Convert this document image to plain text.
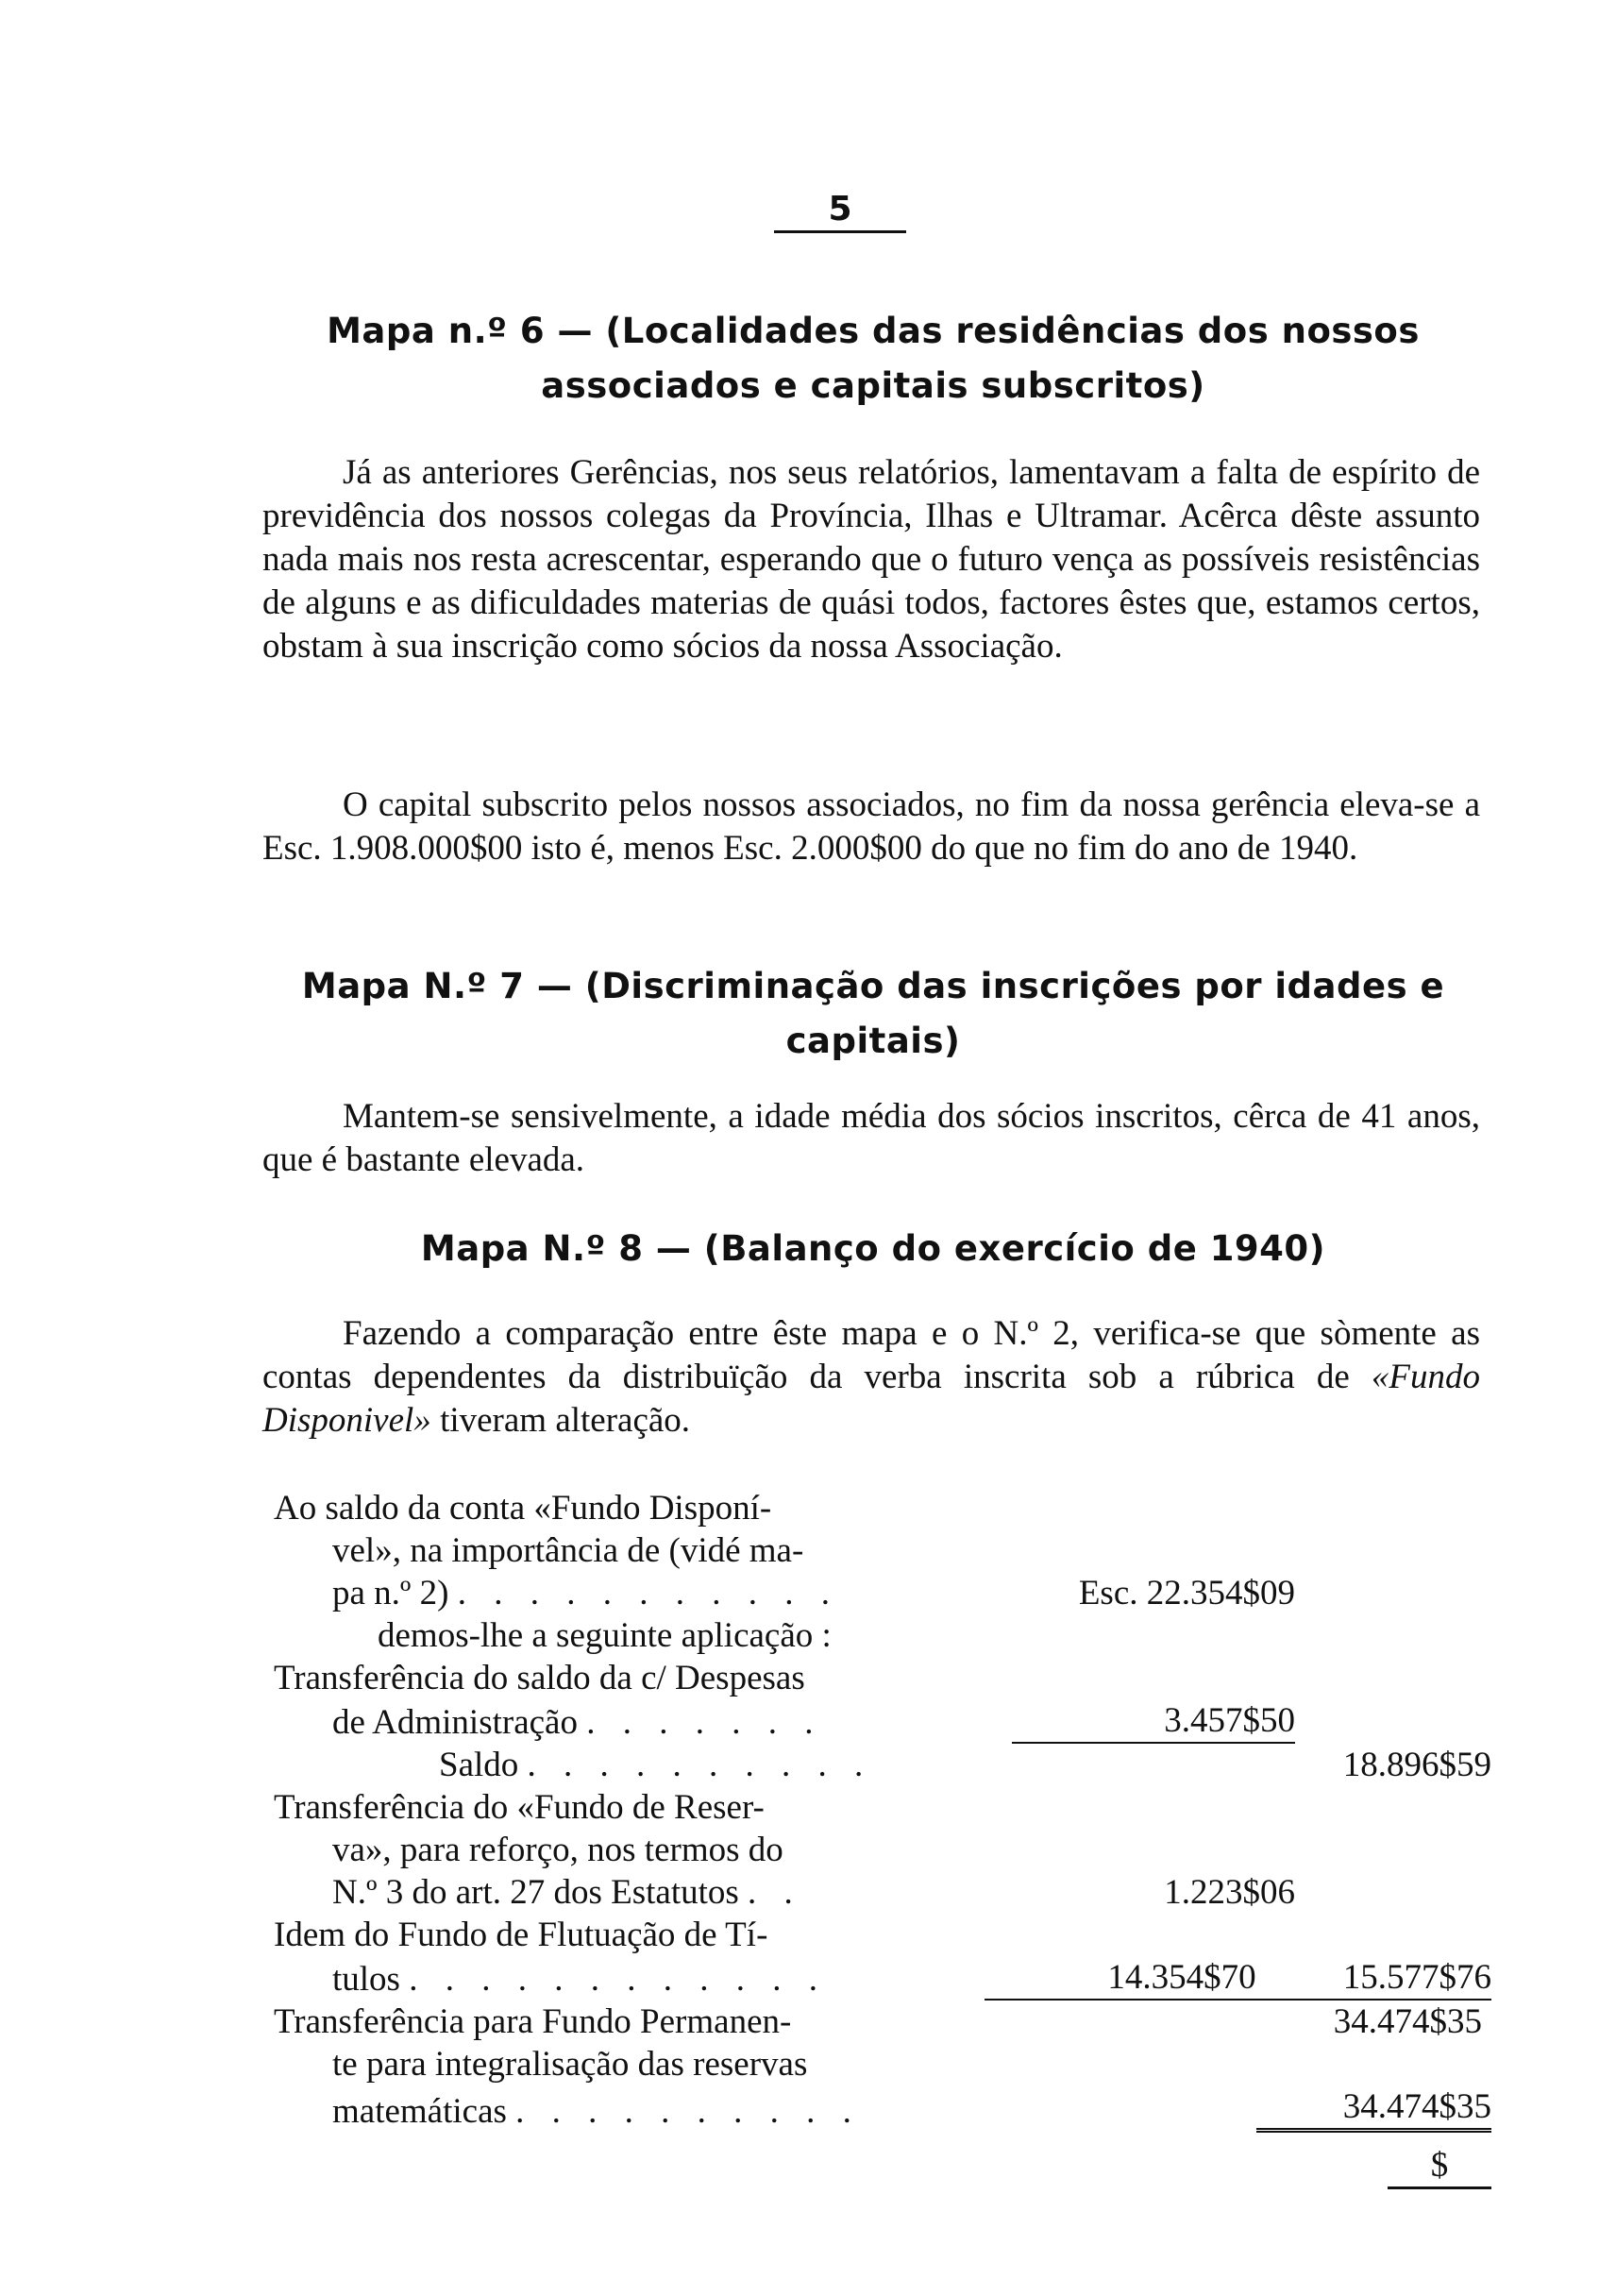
5
Mapa n.º 6 — (Localidades das residências dos nossos
associados e capitais subscritos)

Já as anteriores Gerências, nos seus relatórios, lamentavam a falta de espírito de previdência dos nossos colegas da Província, Ilhas e Ultramar. Acêrca dêste assunto nada mais nos resta acrescentar, esperando que o futuro vença as possíveis resistências de alguns e as dificuldades materias de quási todos, factores êstes que, estamos certos, obstam à sua inscrição como sócios da nossa Associação.

O capital subscrito pelos nossos associados, no fim da nossa gerência eleva-se a Esc. 1.908.000$00 isto é, menos Esc. 2.000$00 do que no fim do ano de 1940.

Mapa N.º 7 — (Discriminação das inscrições por idades e
capitais)

Mantem-se sensivelmente, a idade média dos sócios inscritos, cêrca de 41 anos, que é bastante elevada.

Mapa N.º 8 — (Balanço do exercício de 1940)

Fazendo a comparação entre êste mapa e o N.º 2, verifica-se que sòmente as contas dependentes da distribuïção da verba inscrita sob a rúbrica de «Fundo Disponivel» tiveram alteração.

Ao saldo da conta «Fundo Disponí-
vel», na importância de (vidé ma-
pa n.º 2) . . . . . . . . . . .	Esc. 22.354$09
demos-lhe a seguinte aplicação :
Transferência do saldo da c/ Despesas
de Administração . . . . . . .	3.457$50
Saldo . . . . . . . . . .	18.896$59
Transferência do «Fundo de Reser-
va», para reforço, nos termos do
N.º 3 do art. 27 dos Estatutos . .	1.223$06
Idem do Fundo de Flutuação de Tí-
tulos . . . . . . . . . . . .	14.354$70	15.577$76
Transferência para Fundo Permanen-	34.474$35
te para integralisação das reservas
matemáticas . . . . . . . . . .	34.474$35
$
